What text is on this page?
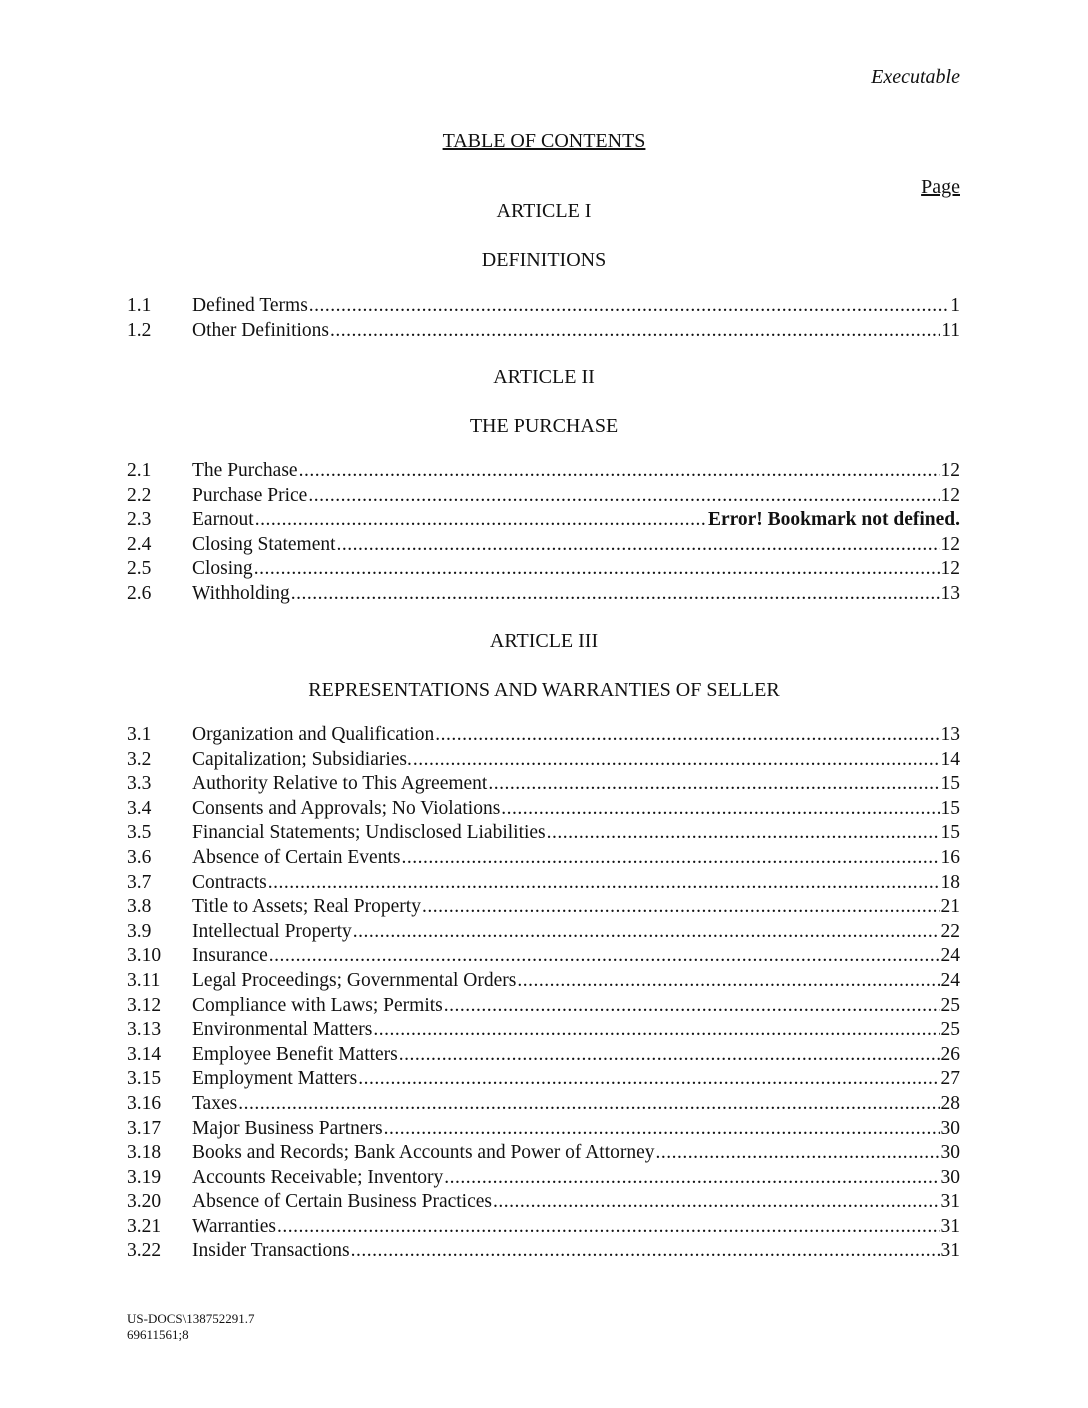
Executable
TABLE OF CONTENTS
Page
ARTICLE I
DEFINITIONS
1.1	Defined Terms .....	1
1.2	Other Definitions .....	11
ARTICLE II
THE PURCHASE
2.1	The Purchase .....	12
2.2	Purchase Price .....	12
2.3	Earnout .....	Error! Bookmark not defined.
2.4	Closing Statement .....	12
2.5	Closing .....	12
2.6	Withholding .....	13
ARTICLE III
REPRESENTATIONS AND WARRANTIES OF SELLER
3.1	Organization and Qualification .....	13
3.2	Capitalization; Subsidiaries. .....	14
3.3	Authority Relative to This Agreement .....	15
3.4	Consents and Approvals; No Violations .....	15
3.5	Financial Statements; Undisclosed Liabilities .....	15
3.6	Absence of Certain Events .....	16
3.7	Contracts .....	18
3.8	Title to Assets; Real Property .....	21
3.9	Intellectual Property .....	22
3.10	Insurance .....	24
3.11	Legal Proceedings; Governmental Orders .....	24
3.12	Compliance with Laws; Permits .....	25
3.13	Environmental Matters .....	25
3.14	Employee Benefit Matters .....	26
3.15	Employment Matters .....	27
3.16	Taxes .....	28
3.17	Major Business Partners .....	30
3.18	Books and Records; Bank Accounts and Power of Attorney .....	30
3.19	Accounts Receivable; Inventory .....	30
3.20	Absence of Certain Business Practices .....	31
3.21	Warranties .....	31
3.22	Insider Transactions .....	31
US-DOCS\138752291.7
69611561;8
